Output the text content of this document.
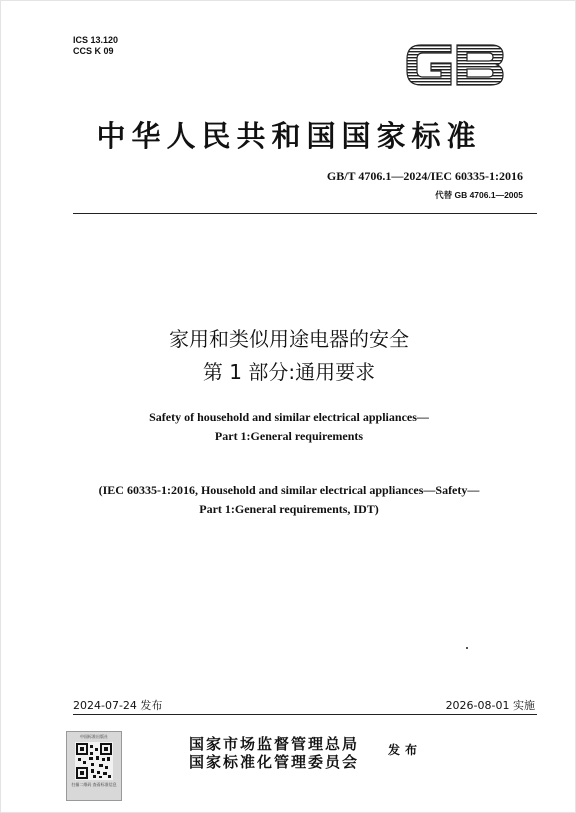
ICS 13.120
CCS K 09
中华人民共和国国家标准
GB/T 4706.1—2024/IEC 60335-1:2016
代替 GB 4706.1—2005
家用和类似用途电器的安全
第 1 部分:通用要求
Safety of household and similar electrical appliances—
Part 1:General requirements
(IEC 60335-1:2016, Household and similar electrical appliances—Safety—
Part 1:General requirements, IDT)
2024-07-24 发布	2026-08-01 实施
中国标准出版社
扫描二维码 查看标准信息
国家市场监督管理总局
国家标准化管理委员会
发布
